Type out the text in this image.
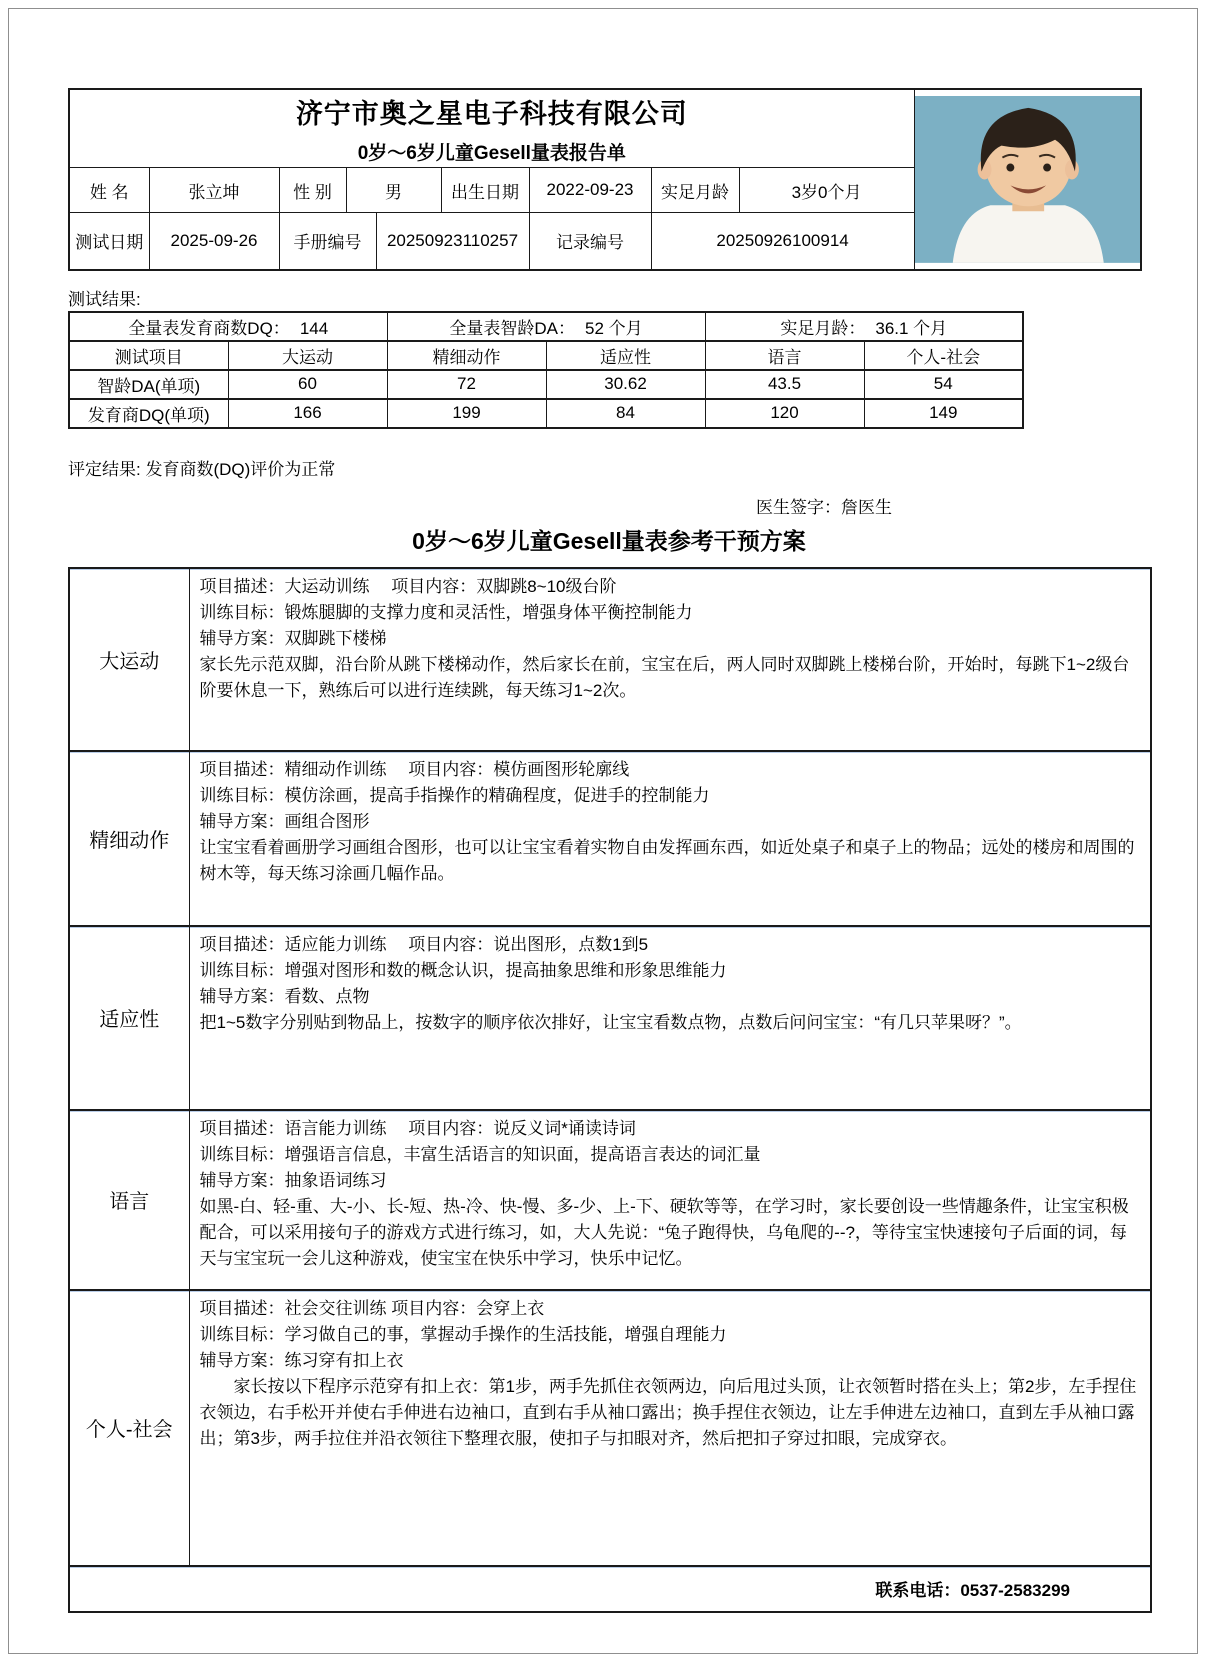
济宁市奥之星电子科技有限公司
0岁～6岁儿童Gesell量表报告单

姓 名	张立坤	性 别	男		出生日期	2022-09-23	实足月龄	3岁0个月	
测试日期	2025-09-26	手册编号		20250923110257		记录编号	20250926100914		
测试结果:
全量表发育商数DQ： 144		全量表智龄DA： 52 个月		实足月龄： 36.1 个月	
测试项目	大运动	精细动作	适应性	语言	个人-社会
智龄DA(单项)	60	72	30.62	43.5	54
发育商DQ(单项)	166	199	84	120	149
评定结果: 发育商数(DQ)评价为正常
医生签字：詹医生
0岁～6岁儿童Gesell量表参考干预方案
大运动	项目描述：大运动训练　 项目内容：双脚跳8~10级台阶
训练目标：锻炼腿脚的支撑力度和灵活性，增强身体平衡控制能力
辅导方案：双脚跳下楼梯
家长先示范双脚，沿台阶从跳下楼梯动作，然后家长在前，宝宝在后，两人同时双脚跳上楼梯台阶，开始时，每跳下1~2级台阶要休息一下，熟练后可以进行连续跳，每天练习1~2次。

精细动作	项目描述：精细动作训练　 项目内容：模仿画图形轮廓线
训练目标：模仿涂画，提高手指操作的精确程度，促进手的控制能力
辅导方案：画组合图形
让宝宝看着画册学习画组合图形，也可以让宝宝看着实物自由发挥画东西，如近处桌子和桌子上的物品；远处的楼房和周围的树木等，每天练习涂画几幅作品。

适应性	项目描述：适应能力训练　 项目内容：说出图形，点数1到5
训练目标：增强对图形和数的概念认识，提高抽象思维和形象思维能力
辅导方案：看数、点物
把1~5数字分别贴到物品上，按数字的顺序依次排好，让宝宝看数点物，点数后问问宝宝：“有几只苹果呀？”。

语言	项目描述：语言能力训练　 项目内容：说反义词*诵读诗词
训练目标：增强语言信息，丰富生活语言的知识面，提高语言表达的词汇量
辅导方案：抽象语词练习
如黑-白、轻-重、大-小、长-短、热-冷、快-慢、多-少、上-下、硬软等等，在学习时，家长要创设一些情趣条件，让宝宝积极配合，可以采用接句子的游戏方式进行练习，如，大人先说：“兔子跑得快，乌龟爬的--?，等待宝宝快速接句子后面的词，每天与宝宝玩一会儿这种游戏，使宝宝在快乐中学习，快乐中记忆。

个人-社会	项目描述：社会交往训练 项目内容：会穿上衣
训练目标：学习做自己的事，掌握动手操作的生活技能，增强自理能力
辅导方案：练习穿有扣上衣
家长按以下程序示范穿有扣上衣：第1步，两手先抓住衣领两边，向后甩过头顶，让衣领暂时搭在头上；第2步，左手捏住衣领边，右手松开并使右手伸进右边袖口，直到右手从袖口露出；换手捏住衣领边，让左手伸进左边袖口，直到左手从袖口露出；第3步，两手拉住并沿衣领往下整理衣服，使扣子与扣眼对齐，然后把扣子穿过扣眼，完成穿衣。

联系电话：0537-2583299	
